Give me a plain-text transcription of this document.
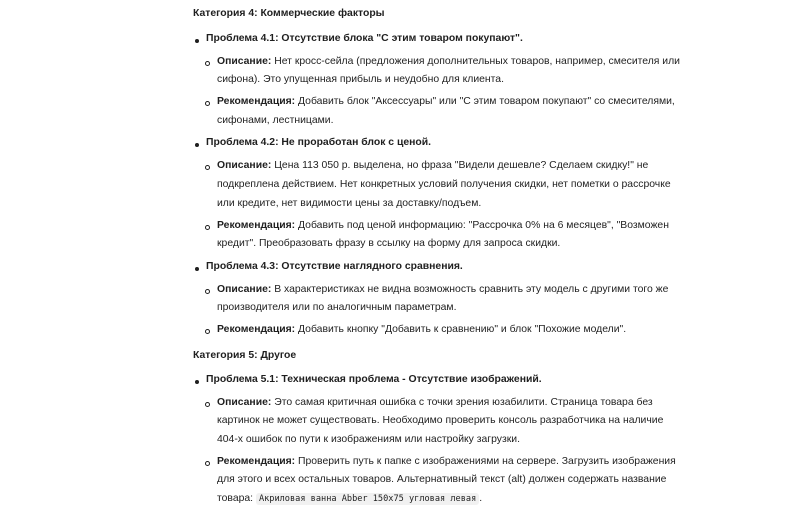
Категория 4: Коммерческие факторы
Проблема 4.1: Отсутствие блока "С этим товаром покупают".
Описание: Нет кросс-сейла (предложения дополнительных товаров, например, смесителя или
сифона). Это упущенная прибыль и неудобно для клиента.
Рекомендация: Добавить блок "Аксессуары" или "С этим товаром покупают" со смесителями,
сифонами, лестницами.
Проблема 4.2: Не проработан блок с ценой.
Описание: Цена 113 050 р. выделена, но фраза "Видели дешевле? Сделаем скидку!" не
подкреплена действием. Нет конкретных условий получения скидки, нет пометки о рассрочке
или кредите, нет видимости цены за доставку/подъем.
Рекомендация: Добавить под ценой информацию: "Рассрочка 0% на 6 месяцев", "Возможен
кредит". Преобразовать фразу в ссылку на форму для запроса скидки.
Проблема 4.3: Отсутствие наглядного сравнения.
Описание: В характеристиках не видна возможность сравнить эту модель с другими того же
производителя или по аналогичным параметрам.
Рекомендация: Добавить кнопку "Добавить к сравнению" и блок "Похожие модели".
Категория 5: Другое
Проблема 5.1: Техническая проблема - Отсутствие изображений.
Описание: Это самая критичная ошибка с точки зрения юзабилити. Страница товара без
картинок не может существовать. Необходимо проверить консоль разработчика на наличие
404-х ошибок по пути к изображениям или настройку загрузки.
Рекомендация: Проверить путь к папке с изображениями на сервере. Загрузить изображения
для этого и всех остальных товаров. Альтернативный текст (alt) должен содержать название
товара: Акриловая ванна Abber 150x75 угловая левая .
